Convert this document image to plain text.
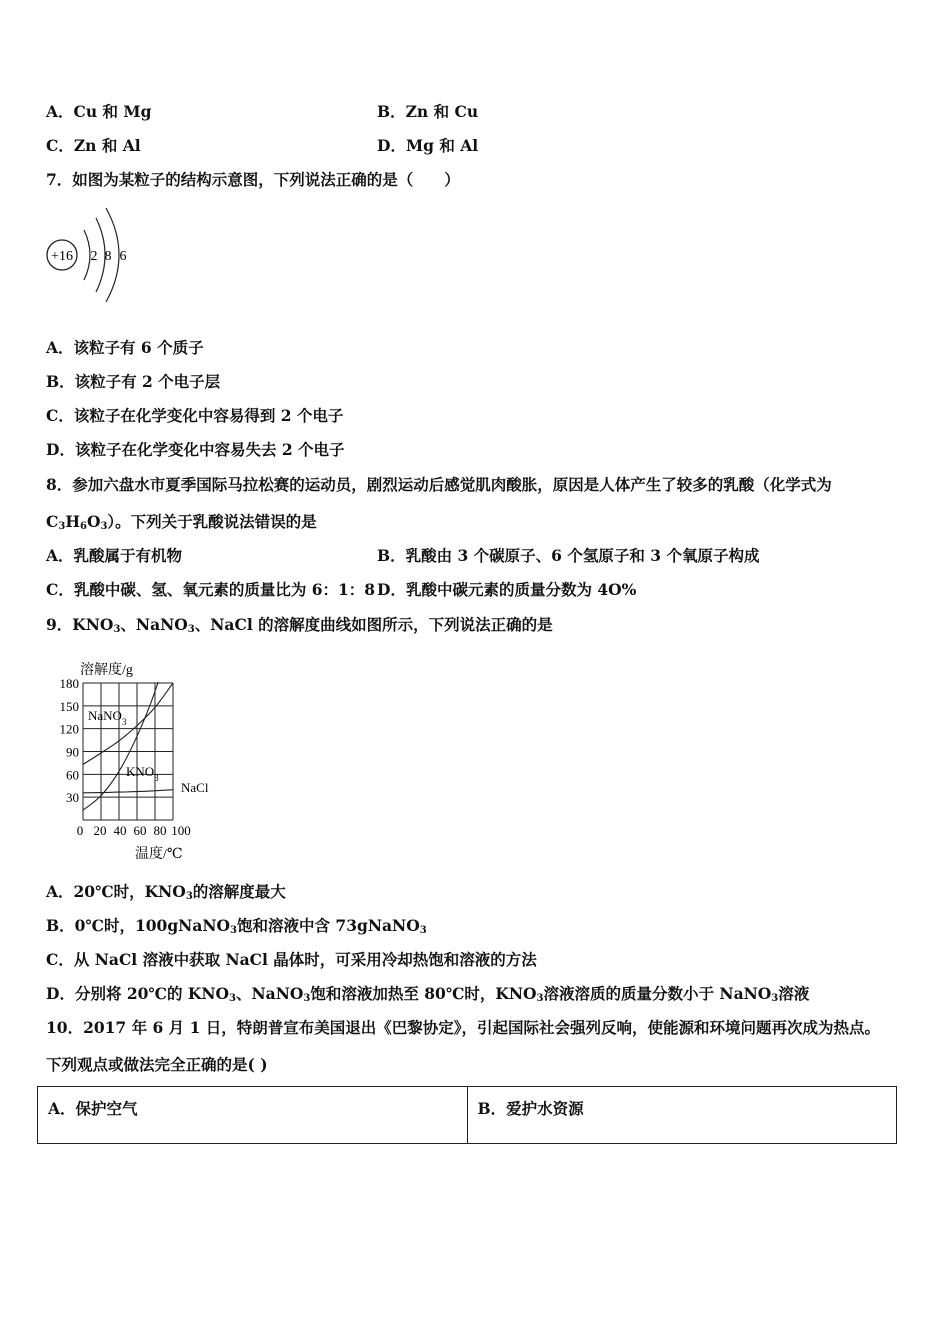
A．Cu 和 Mg	B．Zn 和 Cu
C．Zn 和 Al	D．Mg 和 Al
7．如图为某粒子的结构示意图，下列说法正确的是（　　）
+16 2 8 6
A．该粒子有 6 个质子
B．该粒子有 2 个电子层
C．该粒子在化学变化中容易得到 2 个电子
D．该粒子在化学变化中容易失去 2 个电子
8．参加六盘水市夏季国际马拉松赛的运动员，剧烈运动后感觉肌肉酸胀，原因是人体产生了较多的乳酸（化学式为
$C_3H_6O_3$）。下列关于乳酸说法错误的是
A．乳酸属于有机物	B．乳酸由 3 个碳原子、6 个氢原子和 3 个氧原子构成
C．乳酸中碳、氢、氧元素的质量比为 6：1：8 D．乳酸中碳元素的质量分数为 4O%
9．$KNO_3$、NaNO$_3$、NaCl 的溶解度曲线如图所示，下列说法正确的是
30
60
90
120
150
180
0 20 40 60 80 100
溶解度/g
温度/℃
NaNO$_3$
$KNO_3$
NaCl
A．20℃时，$KNO_3$的溶解度最大
B．0℃时，100gNaNO$_3$饱和溶液中含 73gNaNO$_3$
C．从 NaCl 溶液中获取 NaCl 晶体时，可采用冷却热饱和溶液的方法
D．分别将 20℃的 $KNO_3$、NaNO$_3$饱和溶液加热至 80℃时，$KNO_3$溶液溶质的质量分数小于 NaNO$_3$溶液
10．2017 年 6 月 1 日，特朗普宣布美国退出《巴黎协定》，引起国际社会强列反响，使能源和环境问题再次成为热点。
下列观点或做法完全正确的是( )
A．保护空气	B．爱护水资源
